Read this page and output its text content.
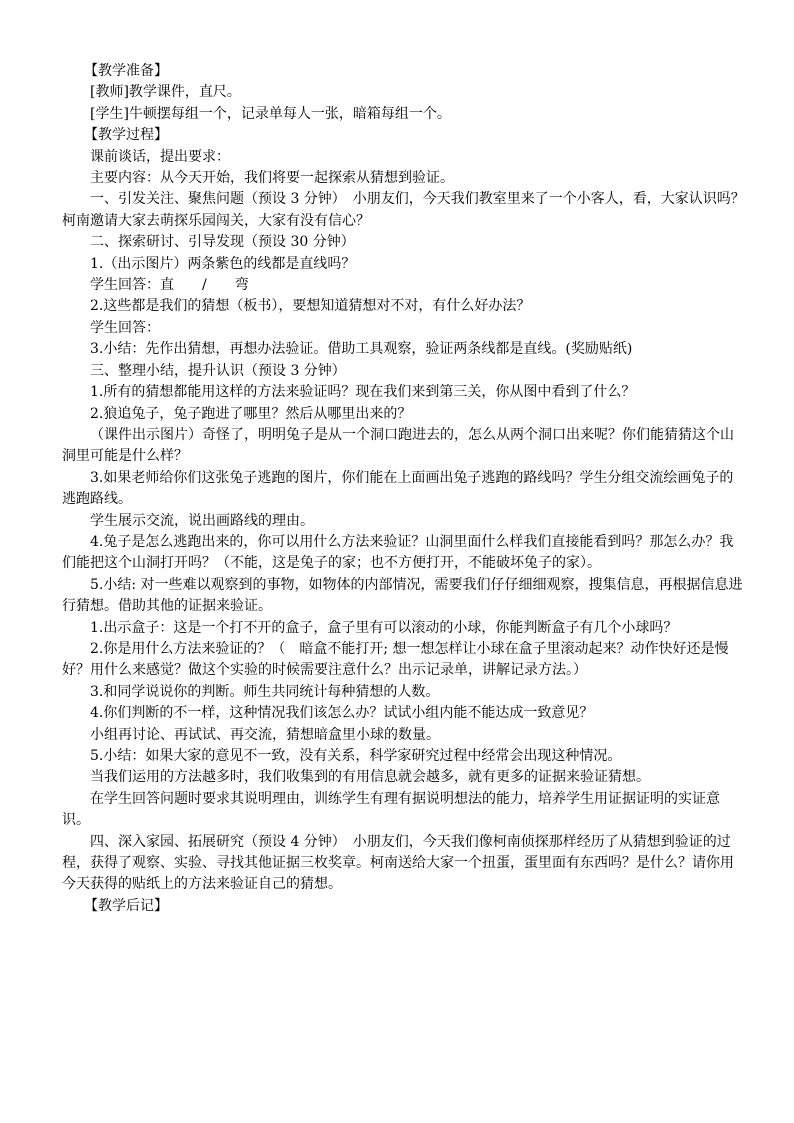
【教学准备】

[教师]教学课件，直尺。

[学生]牛顿摆每组一个，记录单每人一张，暗箱每组一个。

【教学过程】

课前谈话，提出要求：

主要内容：从今天开始，我们将要一起探索从猜想到验证。

一、引发关注、聚焦问题（预设 3 分钟）　小朋友们，今天我们教室里来了一个小客人，看，大家认识吗？柯南邀请大家去萌探乐园闯关，大家有没有信心？

二、探索研讨、引导发现（预设 30 分钟）

1.（出示图片）两条紫色的线都是直线吗？

学生回答：直　　/　　弯

2.这些都是我们的猜想（板书），要想知道猜想对不对，有什么好办法？

学生回答：

3.小结：先作出猜想，再想办法验证。借助工具观察，验证两条线都是直线。(奖励贴纸)

三、整理小结，提升认识（预设 3 分钟）

1.所有的猜想都能用这样的方法来验证吗？现在我们来到第三关，你从图中看到了什么？

2.狼追兔子，兔子跑进了哪里？然后从哪里出来的？

（课件出示图片）奇怪了，明明兔子是从一个洞口跑进去的，怎么从两个洞口出来呢？你们能猜猜这个山洞里可能是什么样？

3.如果老师给你们这张兔子逃跑的图片，你们能在上面画出兔子逃跑的路线吗？学生分组交流绘画兔子的逃跑路线。

学生展示交流，说出画路线的理由。

4.兔子是怎么逃跑出来的，你可以用什么方法来验证？山洞里面什么样我们直接能看到吗？那怎么办？我们能把这个山洞打开吗？（不能，这是兔子的家；也不方便打开，不能破坏兔子的家）。

5.小结: 对一些难以观察到的事物，如物体的内部情况，需要我们仔仔细细观察，搜集信息，再根据信息进行猜想。借助其他的证据来验证。

1.出示盒子：这是一个打不开的盒子，盒子里有可以滚动的小球，你能判断盒子有几个小球吗？

2.你是用什么方法来验证的？（　暗盒不能打开; 想一想怎样让小球在盒子里滚动起来？动作快好还是慢好？用什么来感觉？做这个实验的时候需要注意什么？出示记录单，讲解记录方法。）

3.和同学说说你的判断。师生共同统计每种猜想的人数。

4.你们判断的不一样，这种情况我们该怎么办？试试小组内能不能达成一致意见？

小组再讨论、再试试、再交流，猜想暗盒里小球的数量。

5.小结：如果大家的意见不一致，没有关系，科学家研究过程中经常会出现这种情况。

当我们运用的方法越多时，我们收集到的有用信息就会越多，就有更多的证据来验证猜想。

在学生回答问题时要求其说明理由，训练学生有理有据说明想法的能力，培养学生用证据证明的实证意识。

四、深入家园、拓展研究（预设 4 分钟）　小朋友们，今天我们像柯南侦探那样经历了从猜想到验证的过程，获得了观察、实验、寻找其他证据三枚奖章。柯南送给大家一个扭蛋，蛋里面有东西吗？是什么？请你用今天获得的贴纸上的方法来验证自己的猜想。

【教学后记】
